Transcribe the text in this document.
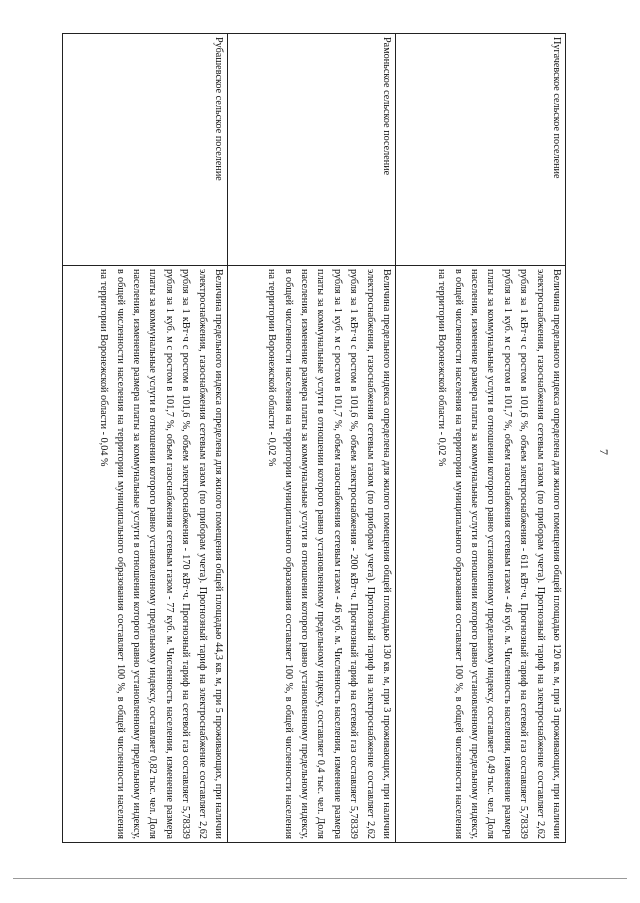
7
Пугачевское сельское поселение	Величина предельного индекса определена для жилого помещения общей площадью 120 кв. м, при 3 проживающих, при наличии электроснабжения, газоснабжения сетевым газом (по приборам учета). Прогнозный тариф на электроснабжение составляет 2,62 рубля за 1 кВт·ч с ростом в 101,6 %, объем электроснабжения - 611 кВт·ч. Прогнозный тариф на сетевой газ составляет 5,78339 рубля за 1 куб. м с ростом в 101,7 %, объем газоснабжения сетевым газом - 46 куб. м. Численность населения, изменение размера платы за коммунальные услуги в отношении которого равно установленному предельному индексу, составляет 0,49 тыс. чел. Доля населения, изменение размера платы за коммунальные услуги в отношении которого равно установленному предельному индексу, в общей численности населения на территории муниципального образования составляет 100 %, в общей численности населения на территории Воронежской области - 0,02 %
Рамоньское сельское поселение	Величина предельного индекса определена для жилого помещения общей площадью 130 кв. м, при 3 проживающих, при наличии электроснабжения, газоснабжения сетевым газом (по приборам учета). Прогнозный тариф на электроснабжение составляет 2,62 рубля за 1 кВт·ч с ростом в 101,6 %, объем электроснабжения - 200 кВт·ч. Прогнозный тариф на сетевой газ составляет 5,78339 рубля за 1 куб. м с ростом в 101,7 %, объем газоснабжения сетевым газом - 46 куб. м. Численность населения, изменение размера платы за коммунальные услуги в отношении которого равно установленному предельному индексу, составляет 0,4 тыс. чел. Доля населения, изменение размера платы за коммунальные услуги в отношении которого равно установленному предельному индексу, в общей численности населения на территории муниципального образования составляет 100 %, в общей численности населения на территории Воронежской области - 0,02 %
Рубашевское сельское поселение	Величина предельного индекса определена для жилого помещения общей площадью 44,3 кв. м, при 5 проживающих, при наличии электроснабжения, газоснабжения сетевым газом (по приборам учета). Прогнозный тариф на электроснабжение составляет 2,62 рубля за 1 кВт·ч с ростом в 101,6 %, объем электроснабжения - 170 кВт·ч. Прогнозный тариф на сетевой газ составляет 5,78339 рубля за 1 куб. м с ростом в 101,7 %, объем газоснабжения сетевым газом - 77 куб. м. Численность населения, изменение размера платы за коммунальные услуги в отношении которого равно установленному предельному индексу, составляет 0,82 тыс. чел. Доля населения, изменение размера платы за коммунальные услуги в отношении которого равно установленному предельному индексу, в общей численности населения на территории муниципального образования составляет 100 %, в общей численности населения на территории Воронежской области - 0,04 %
